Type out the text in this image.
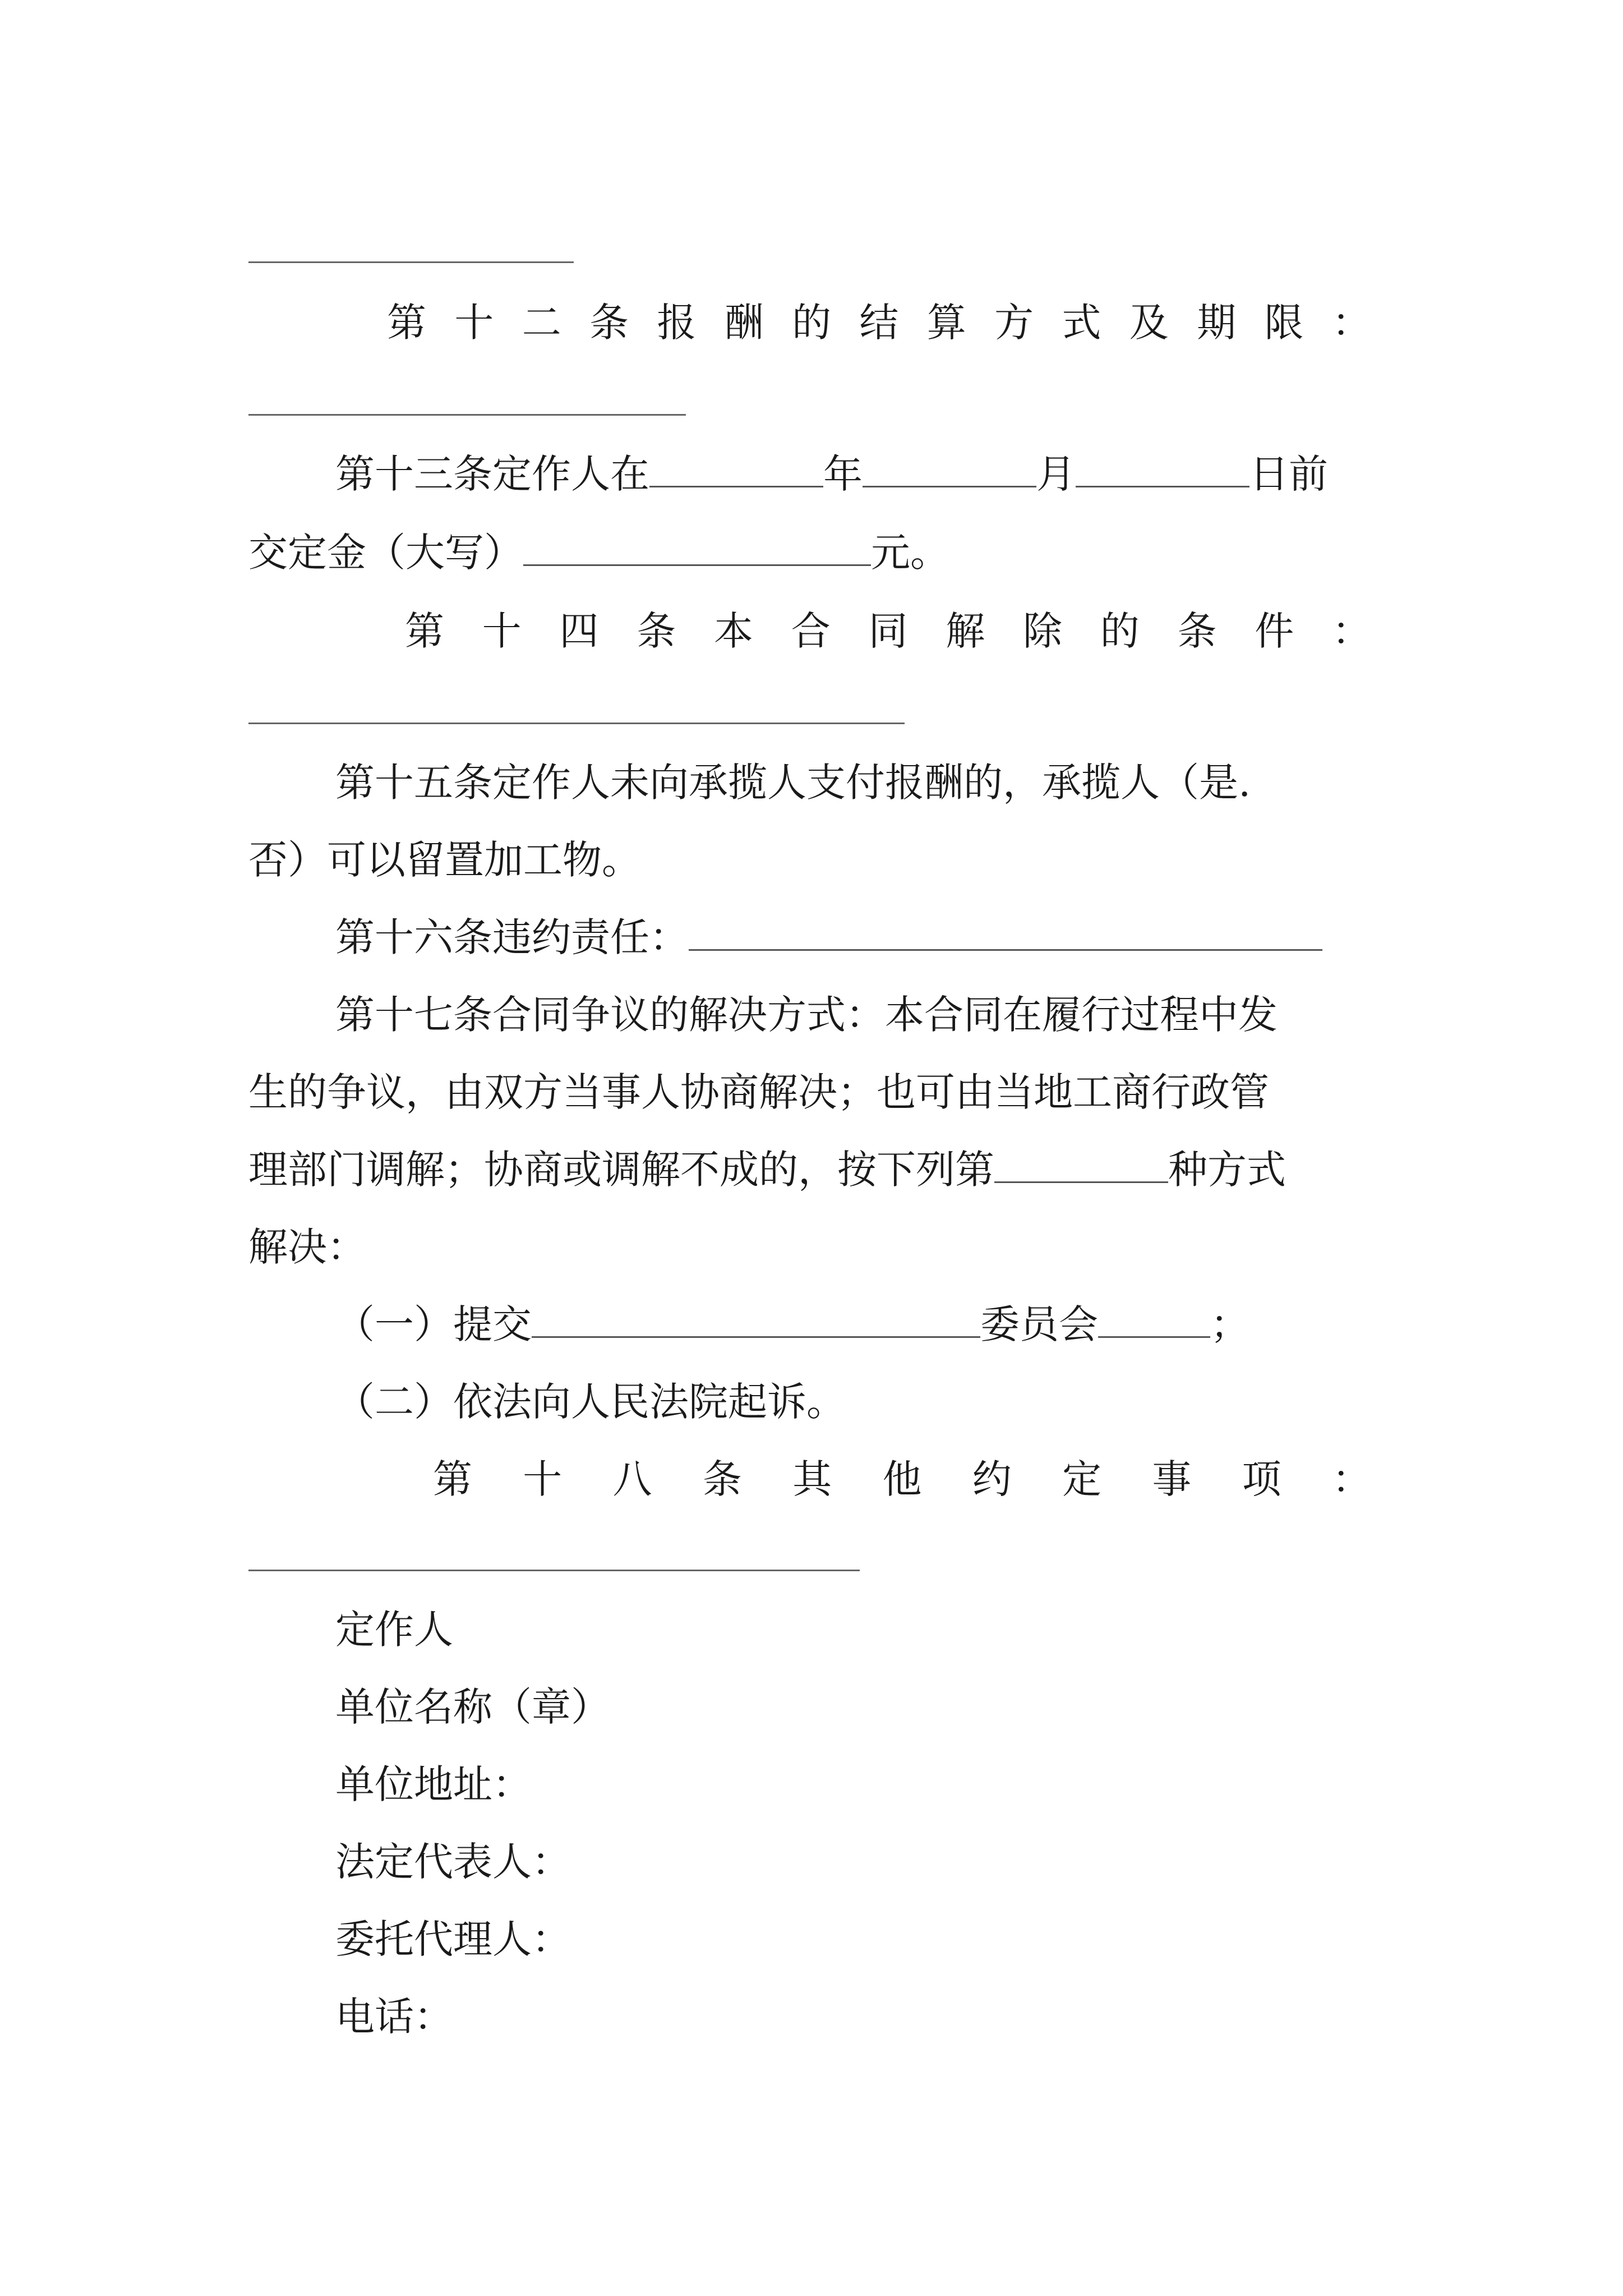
第 十 二 条 报 酬 的 结 算 方 式 及 期 限 ：
第十三条定作人在	年	月	日前
交定金（大写）	元。
第 十 四 条 本 合 同 解 除 的 条 件 ：
第十五条定作人未向承揽人支付报酬的，承揽人（是.
否）可以留置加工物。
第十六条违约责任：
第十七条合同争议的解决方式：本合同在履行过程中发
生的争议，由双方当事人协商解决；也可由当地工商行政管
理部门调解；协商或调解不成的，按下列第	种方式
解决：
（一）提交	委员会	；
（二）依法向人民法院起诉。
第 十 八 条 其 他 约 定 事 项 ：
定作人
单位名称（章）
单位地址：
法定代表人：
委托代理人：
电话：
